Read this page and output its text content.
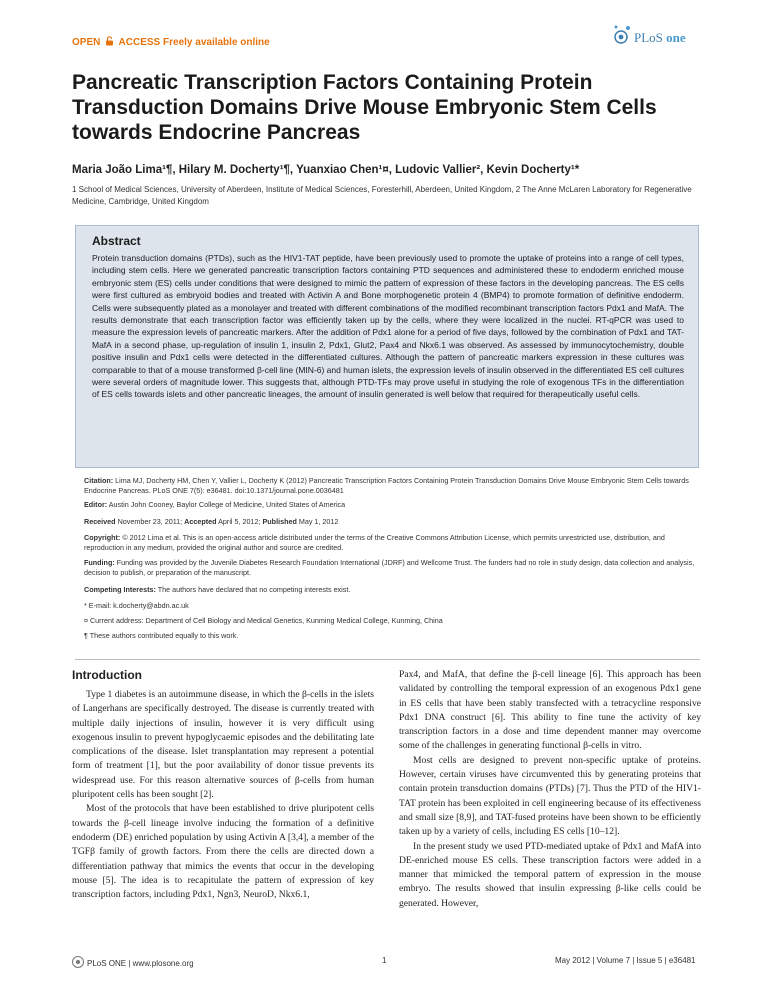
OPEN ACCESS Freely available online	PLoS one
Pancreatic Transcription Factors Containing Protein Transduction Domains Drive Mouse Embryonic Stem Cells towards Endocrine Pancreas
Maria João Lima¹¶, Hilary M. Docherty¹¶, Yuanxiao Chen¹¤, Ludovic Vallier², Kevin Docherty¹*
1 School of Medical Sciences, University of Aberdeen, Institute of Medical Sciences, Foresterhill, Aberdeen, United Kingdom, 2 The Anne McLaren Laboratory for Regenerative Medicine, Cambridge, United Kingdom
Abstract

Protein transduction domains (PTDs), such as the HIV1-TAT peptide, have been previously used to promote the uptake of proteins into a range of cell types, including stem cells. Here we generated pancreatic transcription factors containing PTD sequences and administered these to endoderm enriched mouse embryonic stem (ES) cells under conditions that were designed to mimic the pattern of expression of these factors in the developing pancreas. The ES cells were first cultured as embryoid bodies and treated with Activin A and Bone morphogenetic protein 4 (BMP4) to promote formation of definitive endoderm. Cells were subsequently plated as a monolayer and treated with different combinations of the modified recombinant transcription factors Pdx1 and MafA. The results demonstrate that each transcription factor was efficiently taken up by the cells, where they were localized in the nuclei. RT-qPCR was used to measure the expression levels of pancreatic markers. After the addition of Pdx1 alone for a period of five days, followed by the combination of Pdx1 and TAT-MafA in a second phase, up-regulation of insulin 1, insulin 2, Pdx1, Glut2, Pax4 and Nkx6.1 was observed. As assessed by immunocytochemistry, double positive insulin and Pdx1 cells were detected in the differentiated cultures. Although the pattern of pancreatic markers expression in these cultures was comparable to that of a mouse transformed β-cell line (MIN-6) and human islets, the expression levels of insulin observed in the differentiated ES cell cultures were several orders of magnitude lower. This suggests that, although PTD-TFs may prove useful in studying the role of exogenous TFs in the differentiation of ES cells towards islets and other pancreatic lineages, the amount of insulin generated is well below that required for therapeutically useful cells.

Citation: Lima MJ, Docherty HM, Chen Y, Vallier L, Docherty K (2012) Pancreatic Transcription Factors Containing Protein Transduction Domains Drive Mouse Embryonic Stem Cells towards Endocrine Pancreas. PLoS ONE 7(5): e36481. doi:10.1371/journal.pone.0036481
Editor: Austin John Cooney, Baylor College of Medicine, United States of America
Received November 23, 2011; Accepted April 5, 2012; Published May 1, 2012
Copyright: © 2012 Lima et al. This is an open-access article distributed under the terms of the Creative Commons Attribution License, which permits unrestricted use, distribution, and reproduction in any medium, provided the original author and source are credited.
Funding: Funding was provided by the Juvenile Diabetes Research Foundation International (JDRF) and Wellcome Trust. The funders had no role in study design, data collection and analysis, decision to publish, or preparation of the manuscript.
Competing Interests: The authors have declared that no competing interests exist.
* E-mail: k.docherty@abdn.ac.uk
¤ Current address: Department of Cell Biology and Medical Genetics, Kunming Medical College, Kunming, China
¶ These authors contributed equally to this work.
Introduction

Type 1 diabetes is an autoimmune disease, in which the β-cells in the islets of Langerhans are specifically destroyed. The disease is currently treated with multiple daily injections of insulin, however it is very difficult using exogenous insulin to prevent hypoglycaemic episodes and the debilitating late complications of the disease. Islet transplantation may represent a potential form of treatment [1], but the poor availability of donor tissue prevents its widespread use. For this reason alternative sources of β-cells from human pluripotent cells has been sought [2].

Most of the protocols that have been established to drive pluripotent cells towards the β-cell lineage involve inducing the formation of a definitive endoderm (DE) enriched population by using Activin A [3,4], a member of the TGFβ family of growth factors. From there the cells are directed down a differentiation pathway that mimics the events that occur in the developing mouse [5]. The idea is to recapitulate the pattern of expression of key transcription factors, including Pdx1, Ngn3, NeuroD, Nkx6.1,

Pax4, and MafA, that define the β-cell lineage [6]. This approach has been validated by controlling the temporal expression of an exogenous Pdx1 gene in ES cells that have been stably transfected with a tetracycline responsive Pdx1 DNA construct [6]. This ability to fine tune the activity of key transcription factors in a dose and time dependent manner may overcome some of the challenges in generating functional β-cells in vitro.

Most cells are designed to prevent non-specific uptake of proteins. However, certain viruses have circumvented this by generating proteins that contain protein transduction domains (PTDs) [7]. Thus the PTD of the HIV1-TAT protein has been exploited in cell engineering because of its effectiveness and small size [8,9], and TAT-fused proteins have been shown to be efficiently taken up by a variety of cells, including ES cells [10–12].

In the present study we used PTD-mediated uptake of Pdx1 and MafA into DE-enriched mouse ES cells. These transcription factors were added in a manner that mimicked the temporal pattern of expression in the mouse embryo. The results showed that insulin expressing β-like cells could be generated. However,

PLoS ONE | www.plosone.org	1	May 2012 | Volume 7 | Issue 5 | e36481
